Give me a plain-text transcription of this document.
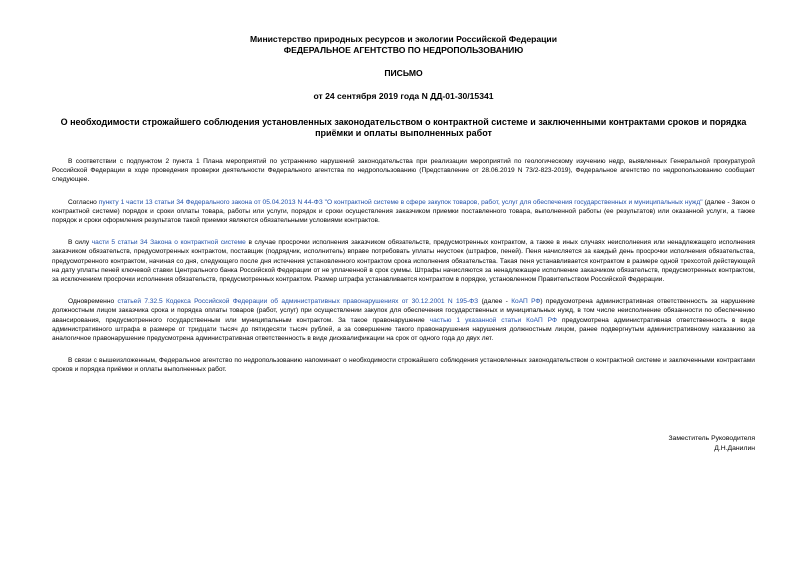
Министерство природных ресурсов и экологии Российской Федерации
ФЕДЕРАЛЬНОЕ АГЕНТСТВО ПО НЕДРОПОЛЬЗОВАНИЮ
ПИСЬМО
от 24 сентября 2019 года N ДД-01-30/15341
О необходимости строжайшего соблюдения установленных законодательством о контрактной системе и заключенными контрактами сроков и порядка приёмки и оплаты выполненных работ

В соответствии с подпунктом 2 пункта 1 Плана мероприятий по устранению нарушений законодательства при реализации мероприятий по геологическому изучению недр, выявленных Генеральной прокуратурой Российской Федерации в ходе проведения проверки деятельности Федерального агентства по недропользованию (Представление от 28.06.2019 N 73/2-823-2019), Федеральное агентство по недропользованию сообщает следующее.

Согласно пункту 1 части 13 статьи 34 Федерального закона от 05.04.2013 N 44-ФЗ "О контрактной системе в сфере закупок товаров, работ, услуг для обеспечения государственных и муниципальных нужд" (далее - Закон о контрактной системе) порядок и сроки оплаты товара, работы или услуги, порядок и сроки осуществления заказчиком приемки поставленного товара, выполненной работы (ее результатов) или оказанной услуги, а также порядок и сроки оформления результатов такой приемки являются обязательными условиями контрактов.

В силу части 5 статьи 34 Закона о контрактной системе в случае просрочки исполнения заказчиком обязательств, предусмотренных контрактом, а также в иных случаях неисполнения или ненадлежащего исполнения заказчиком обязательств, предусмотренных контрактом, поставщик (подрядчик, исполнитель) вправе потребовать уплаты неустоек (штрафов, пеней). Пеня начисляется за каждый день просрочки исполнения обязательства, предусмотренного контрактом, начиная со дня, следующего после дня истечения установленного контрактом срока исполнения обязательства. Такая пеня устанавливается контрактом в размере одной трехсотой действующей на дату уплаты пеней ключевой ставки Центрального банка Российской Федерации от не уплаченной в срок суммы. Штрафы начисляются за ненадлежащее исполнение заказчиком обязательств, предусмотренных контрактом, за исключением просрочки исполнения обязательств, предусмотренных контрактом. Размер штрафа устанавливается контрактом в порядке, установленном Правительством Российской Федерации.

Одновременно статьей 7.32.5 Кодекса Российской Федерации об административных правонарушениях от 30.12.2001 N 195-ФЗ (далее - КоАП РФ) предусмотрена административная ответственность за нарушение должностным лицом заказчика срока и порядка оплаты товаров (работ, услуг) при осуществлении закупок для обеспечения государственных и муниципальных нужд, в том числе неисполнение обязанности по обеспечению авансирования, предусмотренного государственным или муниципальным контрактом. За такое правонарушение частью 1 указанной статьи КоАП РФ предусмотрена административная ответственность в виде административного штрафа в размере от тридцати тысяч до пятидесяти тысяч рублей, а за совершение такого правонарушения нарушения должностным лицом, ранее подвергнутым административному наказанию за аналогичное правонарушение предусмотрена административная ответственность в виде дисквалификации на срок от одного года до двух лет.

В связи с вышеизложенным, Федеральное агентство по недропользованию напоминает о необходимости строжайшего соблюдения установленных законодательством о контрактной системе и заключенными контрактами сроков и порядка приёмки и оплаты выполненных работ.

Заместитель Руководителя
Д.Н.Данилин
